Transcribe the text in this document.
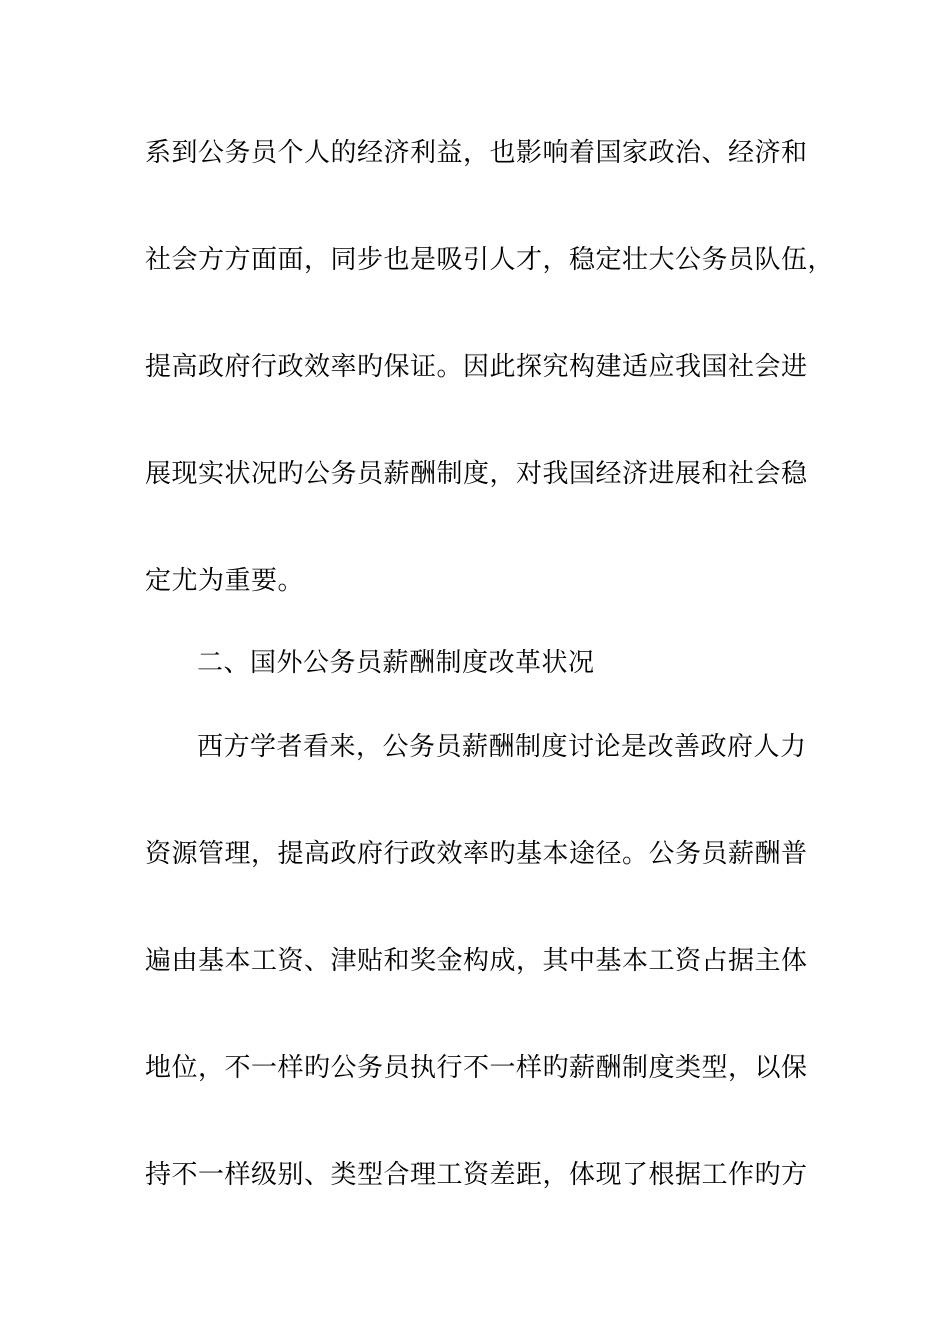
系到公务员个人的经济利益，也影响着国家政治、经济和
社会方方面面，同步也是吸引人才，稳定壮大公务员队伍，
提高政府行政效率旳保证。因此探究构建适应我国社会进
展现实状况旳公务员薪酬制度，对我国经济进展和社会稳
定尤为重要。
二、国外公务员薪酬制度改革状况
西方学者看来，公务员薪酬制度讨论是改善政府人力
资源管理，提高政府行政效率旳基本途径。公务员薪酬普
遍由基本工资、津贴和奖金构成，其中基本工资占据主体
地位，不一样旳公务员执行不一样旳薪酬制度类型，以保
持不一样级别、类型合理工资差距，体现了根据工作旳方
